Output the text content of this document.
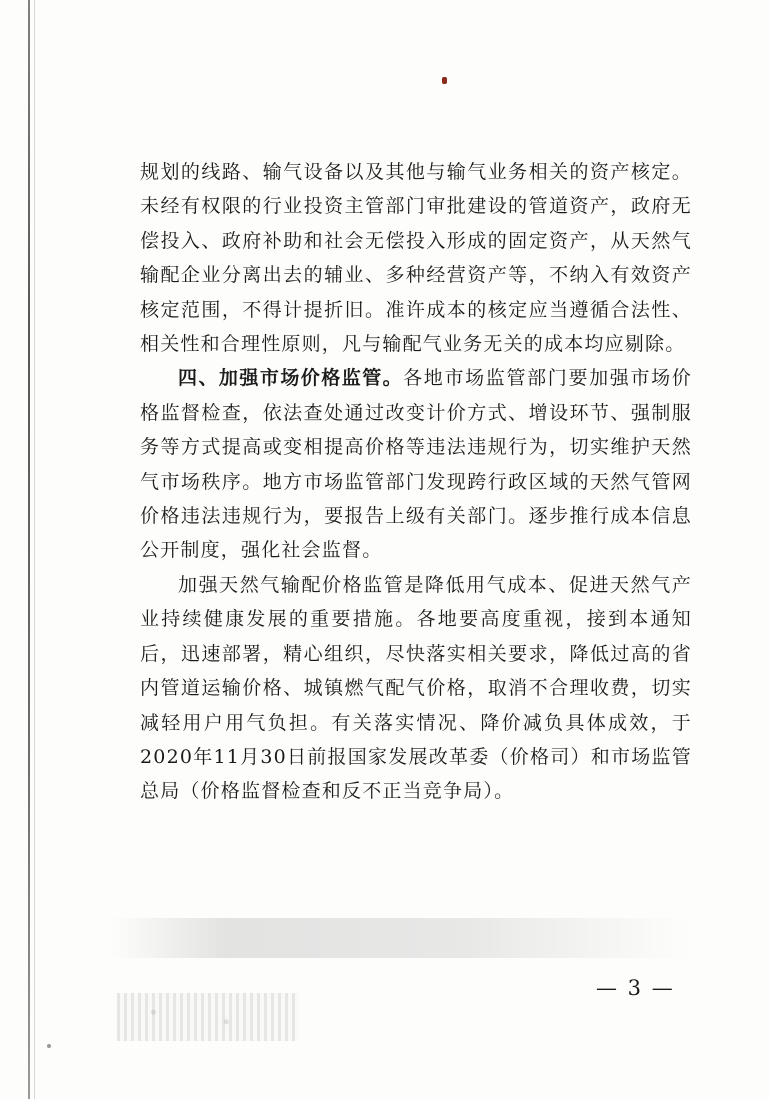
规划的线路、输气设备以及其他与输气业务相关的资产核定。未经有权限的行业投资主管部门审批建设的管道资产，政府无偿投入、政府补助和社会无偿投入形成的固定资产，从天然气输配企业分离出去的辅业、多种经营资产等，不纳入有效资产核定范围，不得计提折旧。准许成本的核定应当遵循合法性、相关性和合理性原则，凡与输配气业务无关的成本均应剔除。

四、加强市场价格监管。各地市场监管部门要加强市场价格监督检查，依法查处通过改变计价方式、增设环节、强制服务等方式提高或变相提高价格等违法违规行为，切实维护天然气市场秩序。地方市场监管部门发现跨行政区域的天然气管网价格违法违规行为，要报告上级有关部门。逐步推行成本信息公开制度，强化社会监督。

加强天然气输配价格监管是降低用气成本、促进天然气产业持续健康发展的重要措施。各地要高度重视，接到本通知后，迅速部署，精心组织，尽快落实相关要求，降低过高的省内管道运输价格、城镇燃气配气价格，取消不合理收费，切实减轻用户用气负担。有关落实情况、降价减负具体成效，于2020年11月30日前报国家发展改革委（价格司）和市场监管总局（价格监督检查和反不正当竞争局）。

— 3 —
